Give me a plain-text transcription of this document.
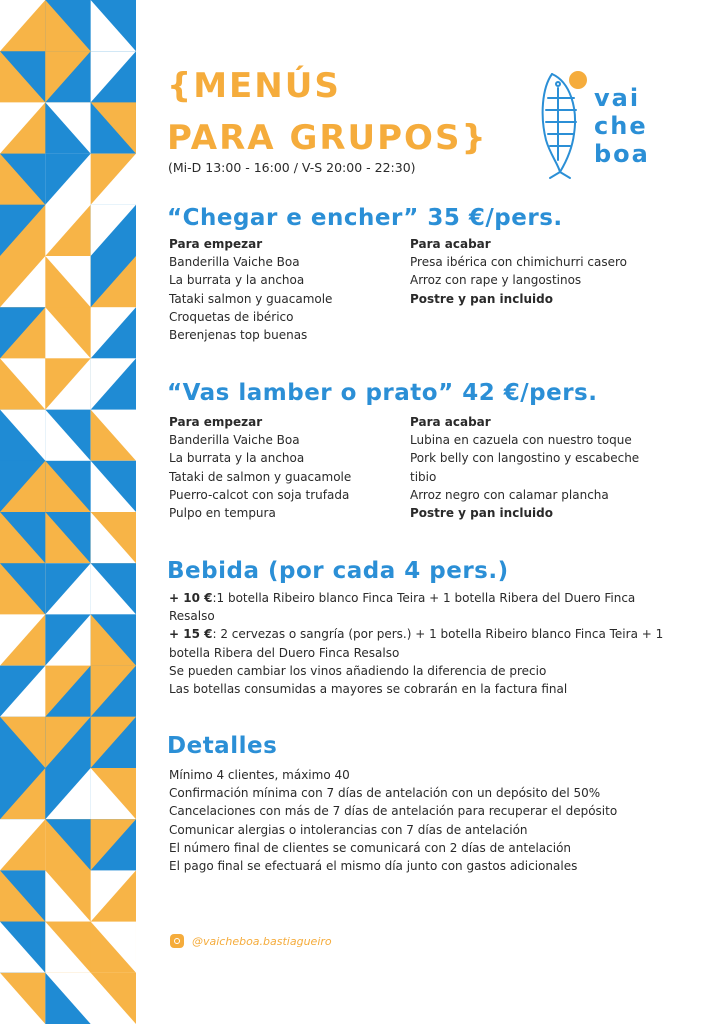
{MENÚS
PARA GRUPOS}
(Mi-D 13:00 - 16:00 / V-S 20:00 - 22:30)
vai
che
boa
“Chegar e encher” 35 €/pers.
Para empezar
Banderilla Vaiche Boa
La burrata y la anchoa
Tataki salmon y guacamole
Croquetas de ibérico
Berenjenas top buenas
Para acabar
Presa ibérica con chimichurri casero
Arroz con rape y langostinos
Postre y pan incluido
“Vas lamber o prato” 42 €/pers.
Para empezar
Banderilla Vaiche Boa
La burrata y la anchoa
Tataki de salmon y guacamole
Puerro-calcot con soja trufada
Pulpo en tempura
Para acabar
Lubina en cazuela con nuestro toque
Pork belly con langostino y escabeche
tibio
Arroz negro con calamar plancha
Postre y pan incluido
Bebida (por cada 4 pers.)
+ 10 €:1 botella Ribeiro blanco Finca Teira + 1 botella Ribera del Duero Finca Resalso
+ 15 €: 2 cervezas o sangría (por pers.) + 1 botella Ribeiro blanco Finca Teira + 1 botella Ribera del Duero Finca Resalso
Se pueden cambiar los vinos añadiendo la diferencia de precio
Las botellas consumidas a mayores se cobrarán en la factura final
Detalles
Mínimo 4 clientes, máximo 40
Confirmación mínima con 7 días de antelación con un depósito del 50%
Cancelaciones con más de 7 días de antelación para recuperar el depósito
Comunicar alergias o intolerancias con 7 días de antelación
El número final de clientes se comunicará con 2 días de antelación
El pago final se efectuará el mismo día junto con gastos adicionales
@vaicheboa.bastiagueiro
